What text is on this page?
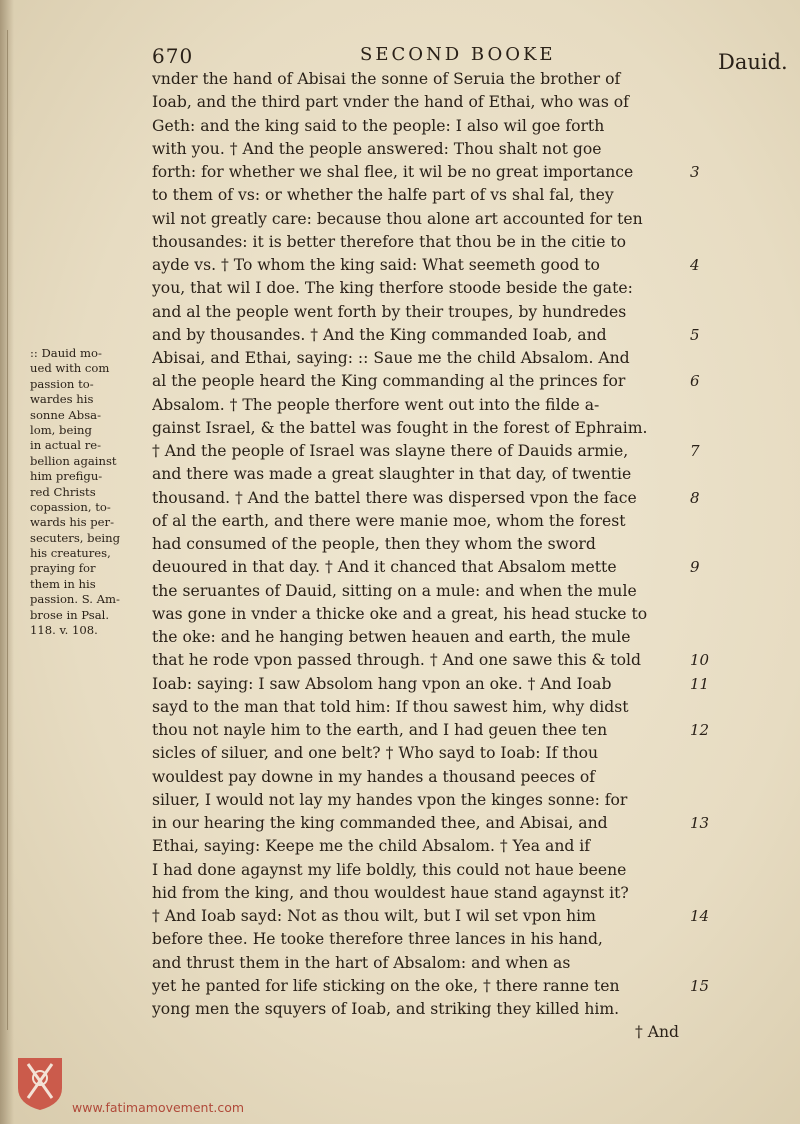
670	SECOND BOOKE	Dauid.
:: Dauid mo-
ued with com
passion to-
wardes his
sonne Absa-
lom, being
in actual re-
bellion against
him prefigu-
red Christs
copassion, to-
wards his per-
secuters, being
his creatures,
praying for
them in his
passion. S. Am-
brose in Psal.
118. v. 108.
vnder the hand of Abisai the sonne of Seruia the brother of
Ioab, and the third part vnder the hand of Ethai, who was of
Geth: and the king said to the people: I also wil goe forth
with you. † And the people answered: Thou shalt not goe
forth: for whether we shal flee, it wil be no great importance
to them of vs: or whether the halfe part of vs shal fal, they
wil not greatly care: because thou alone art accounted for ten
thousandes: it is better therefore that thou be in the citie to
ayde vs. † To whom the king said: What seemeth good to
you, that wil I doe. The king therfore stoode beside the gate:
and al the people went forth by their troupes, by hundredes
and by thousandes. † And the King commanded Ioab, and
Abisai, and Ethai, saying: :: Saue me the child Absalom. And
al the people heard the King commanding al the princes for
Absalom. † The people therfore went out into the filde a-
gainst Israel, & the battel was fought in the forest of Ephraim.
† And the people of Israel was slayne there of Dauids armie,
and there was made a great slaughter in that day, of twentie
thousand. † And the battel there was dispersed vpon the face
of al the earth, and there were manie moe, whom the forest
had consumed of the people, then they whom the sword
deuoured in that day. † And it chanced that Absalom mette
the seruantes of Dauid, sitting on a mule: and when the mule
was gone in vnder a thicke oke and a great, his head stucke to
the oke: and he hanging betwen heauen and earth, the mule
that he rode vpon passed through. † And one sawe this & told
Ioab: saying: I saw Absolom hang vpon an oke. † And Ioab
sayd to the man that told him: If thou sawest him, why didst
thou not nayle him to the earth, and I had geuen thee ten
sicles of siluer, and one belt? † Who sayd to Ioab: If thou
wouldest pay downe in my handes a thousand peeces of
siluer, I would not lay my handes vpon the kinges sonne: for
in our hearing the king commanded thee, and Abisai, and
Ethai, saying: Keepe me the child Absalom. † Yea and if
I had done agaynst my life boldly, this could not haue beene
hid from the king, and thou wouldest haue stand agaynst it?
† And Ioab sayd: Not as thou wilt, but I wil set vpon him
before thee. He tooke therefore three lances in his hand,
and thrust them in the hart of Absalom: and when as
yet he panted for life sticking on the oke, † there ranne ten
yong men the squyers of Ioab, and striking they killed him.
† And
3
4
5
6
7
8
9
10
11
12
13
14
15
www.fatimamovement.com
